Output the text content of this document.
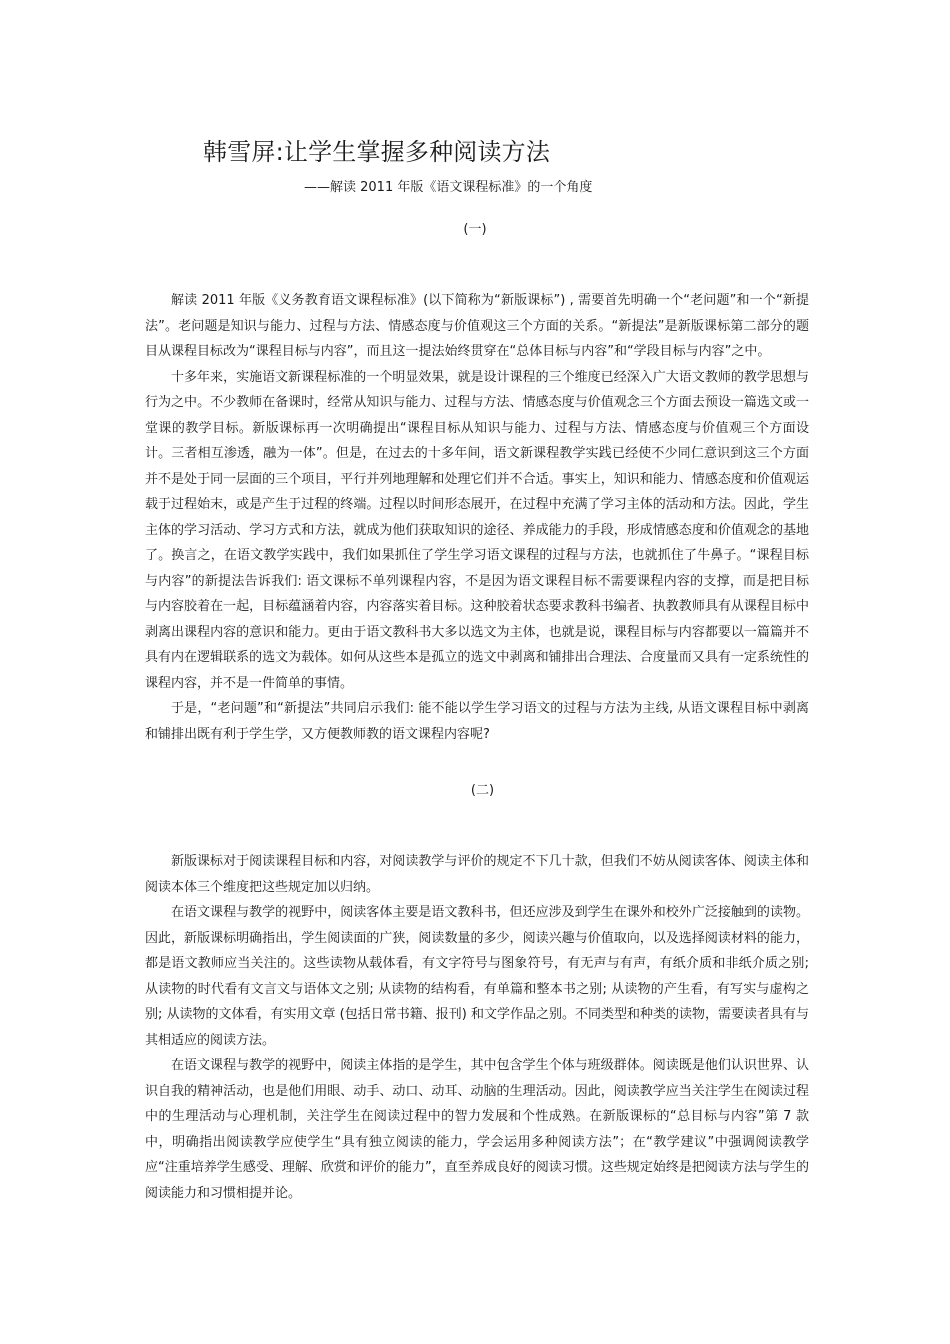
韩雪屏:让学生掌握多种阅读方法
——解读 2011 年版《语文课程标准》的一个角度
(一)

解读 2011 年版《义务教育语文课程标准》(以下简称为“新版课标”) , 需要首先明确一个“老问题”和一个“新提法”。老问题是知识与能力、过程与方法、情感态度与价值观这三个方面的关系。“新提法”是新版课标第二部分的题目从课程目标改为“课程目标与内容”，而且这一提法始终贯穿在“总体目标与内容”和“学段目标与内容”之中。

十多年来，实施语文新课程标准的一个明显效果，就是设计课程的三个维度已经深入广大语文教师的教学思想与行为之中。不少教师在备课时，经常从知识与能力、过程与方法、情感态度与价值观念三个方面去预设一篇选文或一堂课的教学目标。新版课标再一次明确提出“课程目标从知识与能力、过程与方法、情感态度与价值观三个方面设计。三者相互渗透，融为一体”。但是，在过去的十多年间，语文新课程教学实践已经使不少同仁意识到这三个方面并不是处于同一层面的三个项目，平行并列地理解和处理它们并不合适。事实上，知识和能力、情感态度和价值观运载于过程始末，或是产生于过程的终端。过程以时间形态展开，在过程中充满了学习主体的活动和方法。因此，学生主体的学习活动、学习方式和方法，就成为他们获取知识的途径、养成能力的手段，形成情感态度和价值观念的基地了。换言之，在语文教学实践中，我们如果抓住了学生学习语文课程的过程与方法，也就抓住了牛鼻子。“课程目标与内容”的新提法告诉我们: 语文课标不单列课程内容，不是因为语文课程目标不需要课程内容的支撑，而是把目标与内容胶着在一起，目标蕴涵着内容，内容落实着目标。这种胶着状态要求教科书编者、执教教师具有从课程目标中剥离出课程内容的意识和能力。更由于语文教科书大多以选文为主体，也就是说，课程目标与内容都要以一篇篇并不具有内在逻辑联系的选文为载体。如何从这些本是孤立的选文中剥离和铺排出合理法、合度量而又具有一定系统性的课程内容，并不是一件简单的事情。

于是，“老问题”和“新提法”共同启示我们: 能不能以学生学习语文的过程与方法为主线, 从语文课程目标中剥离和铺排出既有利于学生学，又方便教师教的语文课程内容呢?

(二)

新版课标对于阅读课程目标和内容，对阅读教学与评价的规定不下几十款，但我们不妨从阅读客体、阅读主体和阅读本体三个维度把这些规定加以归纳。

在语文课程与教学的视野中，阅读客体主要是语文教科书，但还应涉及到学生在课外和校外广泛接触到的读物。因此，新版课标明确指出，学生阅读面的广狭，阅读数量的多少，阅读兴趣与价值取向，以及选择阅读材料的能力，都是语文教师应当关注的。这些读物从载体看，有文字符号与图象符号，有无声与有声，有纸介质和非纸介质之别; 从读物的时代看有文言文与语体文之别; 从读物的结构看，有单篇和整本书之别; 从读物的产生看，有写实与虚构之别; 从读物的文体看，有实用文章 (包括日常书籍、报刊) 和文学作品之别。不同类型和种类的读物，需要读者具有与其相适应的阅读方法。

在语文课程与教学的视野中，阅读主体指的是学生，其中包含学生个体与班级群体。阅读既是他们认识世界、认识自我的精神活动，也是他们用眼、动手、动口、动耳、动脑的生理活动。因此，阅读教学应当关注学生在阅读过程中的生理活动与心理机制，关注学生在阅读过程中的智力发展和个性成熟。在新版课标的“总目标与内容”第 7 款中，明确指出阅读教学应使学生“具有独立阅读的能力，学会运用多种阅读方法”；在“教学建议”中强调阅读教学应“注重培养学生感受、理解、欣赏和评价的能力”，直至养成良好的阅读习惯。这些规定始终是把阅读方法与学生的阅读能力和习惯相提并论。
